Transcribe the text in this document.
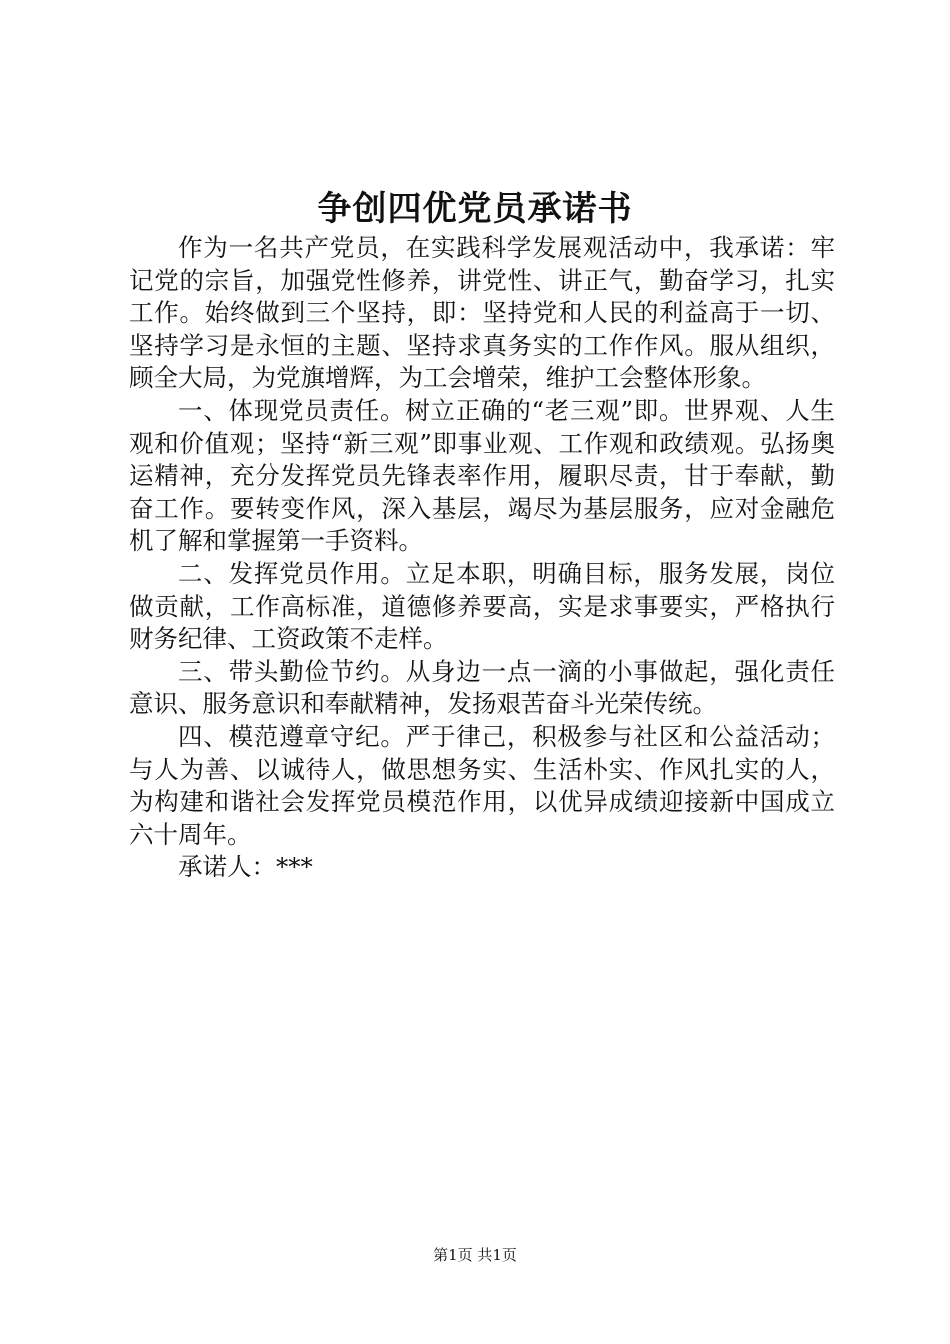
争创四优党员承诺书

作为一名共产党员，在实践科学发展观活动中，我承诺：牢记党的宗旨，加强党性修养，讲党性、讲正气，勤奋学习，扎实工作。始终做到三个坚持，即：坚持党和人民的利益高于一切、坚持学习是永恒的主题、坚持求真务实的工作作风。服从组织，顾全大局，为党旗增辉，为工会增荣，维护工会整体形象。

一、体现党员责任。树立正确的“老三观”即。世界观、人生观和价值观；坚持“新三观”即事业观、工作观和政绩观。弘扬奥运精神，充分发挥党员先锋表率作用，履职尽责，甘于奉献，勤奋工作。要转变作风，深入基层，竭尽为基层服务，应对金融危机了解和掌握第一手资料。

二、发挥党员作用。立足本职，明确目标，服务发展，岗位做贡献，工作高标准，道德修养要高，实是求事要实，严格执行财务纪律、工资政策不走样。

三、带头勤俭节约。从身边一点一滴的小事做起，强化责任意识、服务意识和奉献精神，发扬艰苦奋斗光荣传统。

四、模范遵章守纪。严于律己，积极参与社区和公益活动；与人为善、以诚待人，做思想务实、生活朴实、作风扎实的人，为构建和谐社会发挥党员模范作用，以优异成绩迎接新中国成立六十周年。

承诺人：***

第1页 共1页
